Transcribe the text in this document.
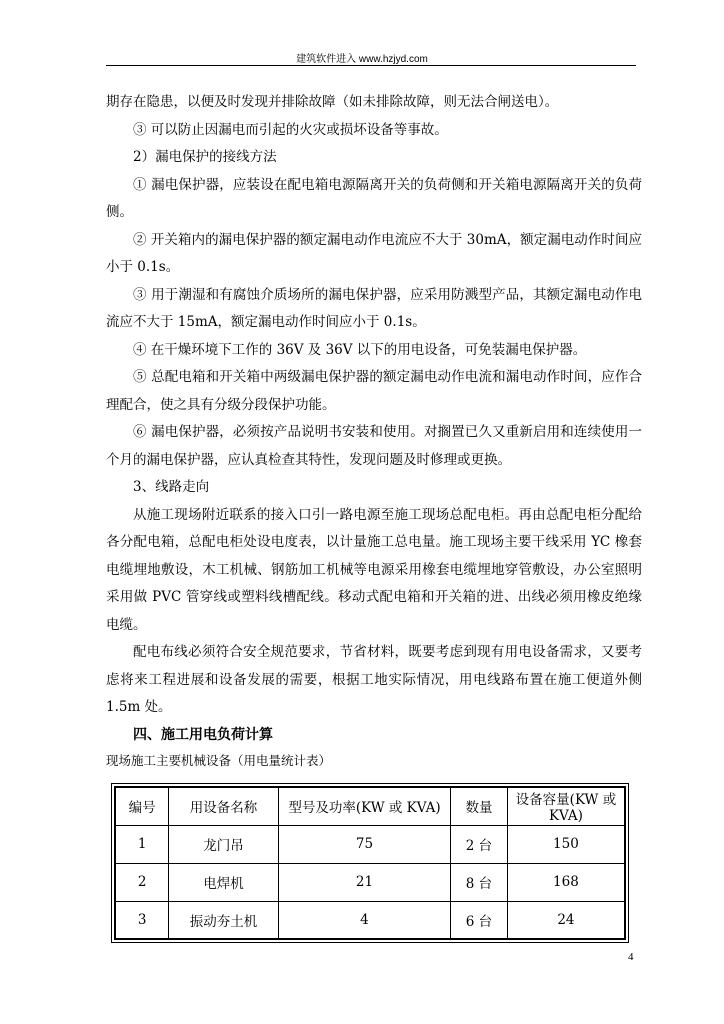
建筑软件进入 www.hzjyd.com

期存在隐患，以便及时发现并排除故障（如未排除故障，则无法合闸送电）。

③ 可以防止因漏电而引起的火灾或损坏设备等事故。

2）漏电保护的接线方法

① 漏电保护器，应装设在配电箱电源隔离开关的负荷侧和开关箱电源隔离开关的负荷侧。

② 开关箱内的漏电保护器的额定漏电动作电流应不大于 30mA，额定漏电动作时间应小于 0.1s。

③ 用于潮湿和有腐蚀介质场所的漏电保护器，应采用防溅型产品，其额定漏电动作电流应不大于 15mA，额定漏电动作时间应小于 0.1s。

④ 在干燥环境下工作的 36V 及 36V 以下的用电设备，可免装漏电保护器。

⑤ 总配电箱和开关箱中两级漏电保护器的额定漏电动作电流和漏电动作时间，应作合理配合，使之具有分级分段保护功能。

⑥ 漏电保护器，必须按产品说明书安装和使用。对搁置已久又重新启用和连续使用一个月的漏电保护器，应认真检查其特性，发现问题及时修理或更换。

3、线路走向

从施工现场附近联系的接入口引一路电源至施工现场总配电柜。再由总配电柜分配给各分配电箱，总配电柜处设电度表，以计量施工总电量。施工现场主要干线采用 YC 橡套电缆埋地敷设，木工机械、钢筋加工机械等电源采用橡套电缆埋地穿管敷设，办公室照明采用做 PVC 管穿线或塑料线槽配线。移动式配电箱和开关箱的进、出线必须用橡皮绝缘电缆。

配电布线必须符合安全规范要求，节省材料，既要考虑到现有用电设备需求，又要考虑将来工程进展和设备发展的需要，根据工地实际情况，用电线路布置在施工便道外侧 1.5m 处。

四、施工用电负荷计算

现场施工主要机械设备（用电量统计表）

编号	用设备名称	型号及功率(KW 或 KVA)	数量	设备容量(KW 或 KVA)
1	龙门吊	75	2 台	150
2	电焊机	21	8 台	168
3	振动夯土机	4	6 台	24
4
